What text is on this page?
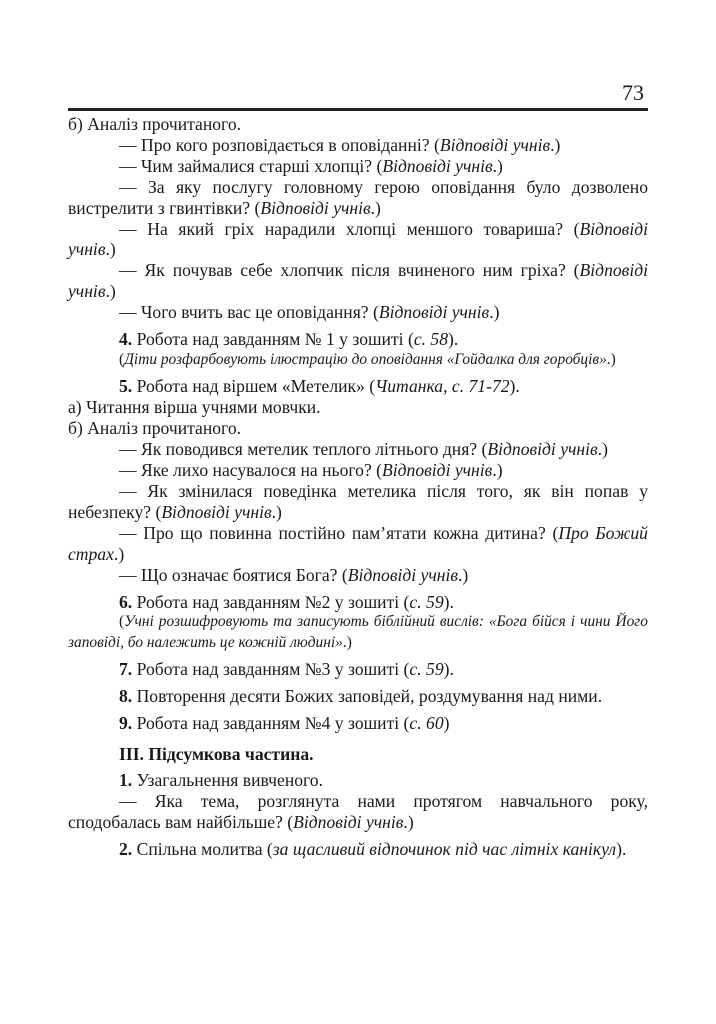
73

б) Аналіз прочитаного.

— Про кого розповідається в оповіданні? (Відповіді учнів.)

— Чим займалися старші хлопці? (Відповіді учнів.)

— За яку послугу головному герою оповідання було дозволено вистрелити з гвинтівки? (Відповіді учнів.)

— На який гріх нарадили хлопці меншого товариша? (Відповіді учнів.)

— Як почував себе хлопчик після вчиненого ним гріха? (Відповіді учнів.)

— Чого вчить вас це оповідання? (Відповіді учнів.)

4. Робота над завданням № 1 у зошиті (с. 58).

(Діти розфарбовують ілюстрацію до оповідання «Гойдалка для горобців».)

5. Робота над віршем «Метелик» (Читанка, с. 71-72).

а) Читання вірша учнями мовчки.

б) Аналіз прочитаного.

— Як поводився метелик теплого літнього дня? (Відповіді учнів.)

— Яке лихо насувалося на нього? (Відповіді учнів.)

— Як змінилася поведінка метелика після того, як він попав у небезпеку? (Відповіді учнів.)

— Про що повинна постійно пам’ятати кожна дитина? (Про Божий страх.)

— Що означає боятися Бога? (Відповіді учнів.)

6. Робота над завданням №2 у зошиті (с. 59).

(Учні розшифровують та записують біблійний вислів: «Бога бійся і чини Його заповіді, бо належить це кожній людині».)

7. Робота над завданням №3 у зошиті (с. 59).

8. Повторення десяти Божих заповідей, роздумування над ними.

9. Робота над завданням №4 у зошиті (с. 60)

ІІІ. Підсумкова частина.

1. Узагальнення вивченого.

— Яка тема, розглянута нами протягом навчального року, сподобалась вам найбільше? (Відповіді учнів.)

2. Спільна молитва (за щасливий відпочинок під час літніх канікул).
